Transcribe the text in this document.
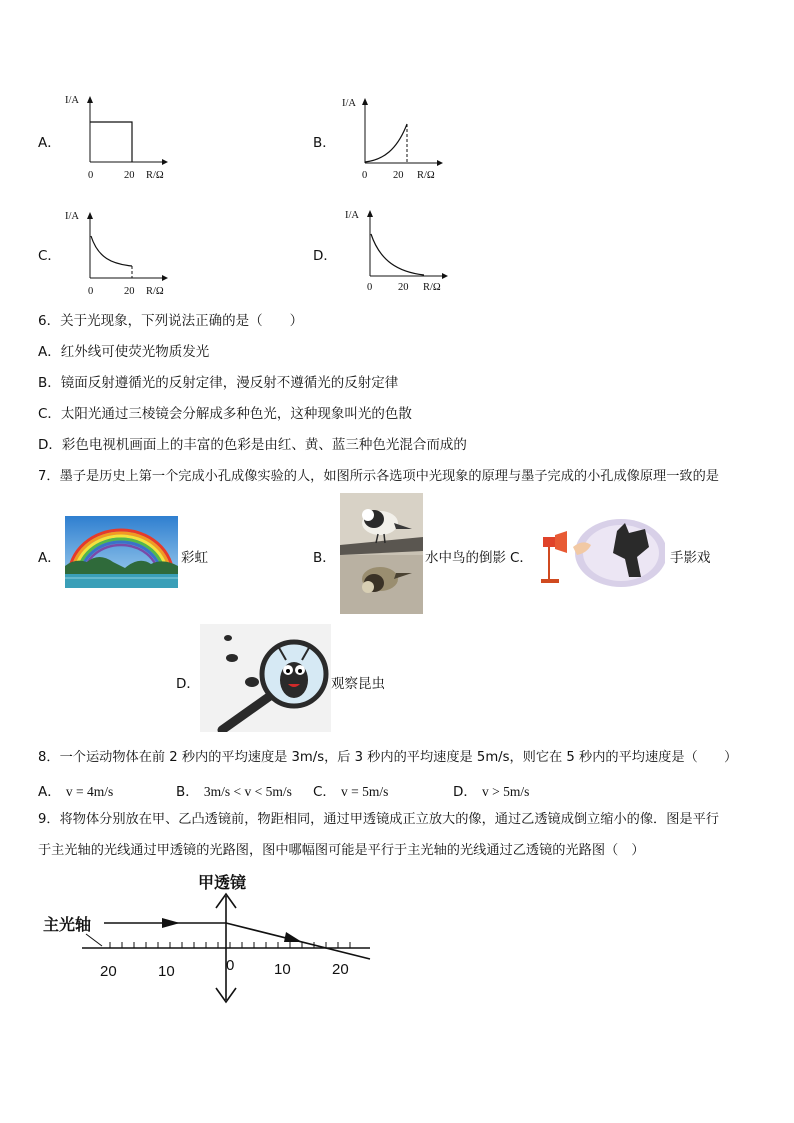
A．
I/A
0	20 R/Ω
B．
I/A
0 20 R/Ω
C．
I/A
0	20 R/Ω
D．
I/A
0 20 R/Ω
6．关于光现象，下列说法正确的是（　　）
A．红外线可使荧光物质发光
B．镜面反射遵循光的反射定律，漫反射不遵循光的反射定律
C．太阳光通过三棱镜会分解成多种色光，这种现象叫光的色散
D．彩色电视机画面上的丰富的色彩是由红、黄、蓝三种色光混合而成的
7．墨子是历史上第一个完成小孔成像实验的人，如图所示各选项中光现象的原理与墨子完成的小孔成像原理一致的是
A．	彩虹	B．	水中鸟的倒影 C．	手影戏
D．	观察昆虫
8．一个运动物体在前 2 秒内的平均速度是 3m/s，后 3 秒内的平均速度是 5m/s，则它在 5 秒内的平均速度是（　　）
A． v = 4m/s	B． 3m/s < v < 5m/s C． v = 5m/s	D． v > 5m/s
9．将物体分别放在甲、乙凸透镜前，物距相同，通过甲透镜成正立放大的像，通过乙透镜成倒立缩小的像．图是平行
于主光轴的光线通过甲透镜的光路图，图中哪幅图可能是平行于主光轴的光线通过乙透镜的光路图（　）
甲透镜
主光轴
20	10	0	10	20
